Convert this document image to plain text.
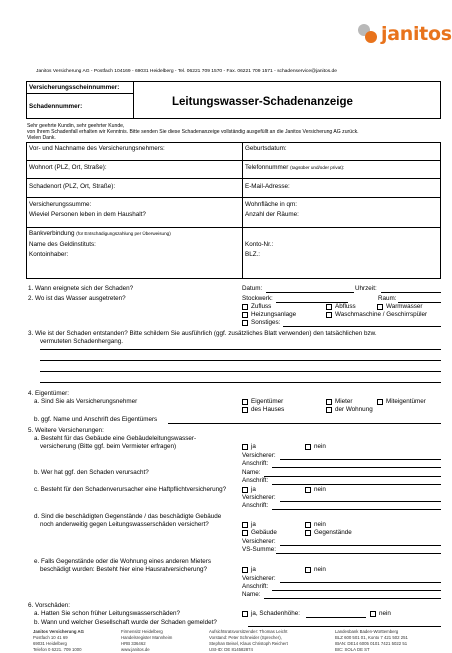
janitos
Janitos Versicherung AG - Postfach 104169 - 69031 Heidelberg - Tel. 06221 709 1570 - Fax. 06221 709 1571 - schadenservice@janitos.de
Versicherungsscheinnummer:
Schadennummer:	Leitungswasser-Schadenanzeige
Sehr geehrte Kundin, sehr geehrter Kunde,
von Ihrem Schadenfall erhalten wir Kenntnis. Bitte senden Sie diese Schadenanzeige vollständig ausgefüllt an die Janitos Versicherung AG zurück.
Vielen Dank.
Vor- und Nachname des Versicherungsnehmers:	Geburtsdatum:
Wohnort (PLZ, Ort, Straße):	Telefonnummer (tagsüber und/oder privat):
Schadenort (PLZ, Ort, Straße):	E-Mail-Adresse:
Versicherungssumme:
Wieviel Personen leben in dem Haushalt?
Wohnfläche in qm:
Anzahl der Räume:
Bankverbindung (für Entschädigungszahlung per Überweisung)
Name des Geldinstituts:
Kontoinhaber:
Konto-Nr.:
BLZ.:
1. Wann ereignete sich der Schaden?	Datum:	Uhrzeit:
2. Wo ist das Wasser ausgetreten?	Stockwerk:	Raum:
Zufluss	Abfluss	Warmwasser
Heizungsanlage	Waschmaschine / Geschirrspüler
Sonstiges:
3. Wie ist der Schaden entstanden? Bitte schildern Sie ausführlich (ggf. zusätzliches Blatt verwenden) den tatsächlichen bzw.
vermuteten Schadenhergang.
4. Eigentümer:
a. Sind Sie als Versicherungsnehmer	Eigentümer	Mieter	Miteigentümer
des Hauses	der Wohnung
b. ggf. Name und Anschrift des Eigentümers
5. Weitere Versicherungen:
a. Besteht für das Gebäude eine Gebäudeleitungswasser-
versicherung (Bitte ggf. beim Vermieter erfragen)	ja	nein
Versicherer:
Anschrift:
b. Wer hat ggf. den Schaden verursacht?	Name:
Anschrift:
c. Besteht für den Schadenverursacher eine Haftpflichtversicherung?	ja	nein
Versicherer:
Anschrift:
d. Sind die beschädigten Gegenstände / das beschädigte Gebäude
noch anderweitig gegen Leitungswasserschäden versichert?	ja	nein
Gebäude	Gegenstände
Versicherer:
VS-Summe:
e. Falls Gegenstände oder die Wohnung eines anderen Mieters
beschädigt wurden: Besteht hier eine Hausratversicherung?	ja	nein
Versicherer:
Anschrift:
Name:
6. Vorschäden:
a. Hatten Sie schon früher Leitungswasserschäden?	ja, Schadenhöhe:	nein
b. Wann und welcher Gesellschaft wurde der Schaden gemeldet?
Janitos Versicherung AG	Firmensitz Heidelberg	Aufsichtsratsvorsitzender: Thomas Leicht	Landesbank Baden-Württemberg
Postfach 10 41 69	Handelsregister Mannheim	Vorstand: Peter Schneider (Sprecher),	BLZ 600 501 01, Konto 7 421 502 251
69031 Heidelberg	HRB 336462	Stephan Beisel, Klaus Christoph Reichert	IBAN: DE14 6005 0101 7421 5022 51
Telefon 0 6221. 709 1000	www.janitos.de	USt-ID: DE 814582874	BIC: SOLA DE ST
